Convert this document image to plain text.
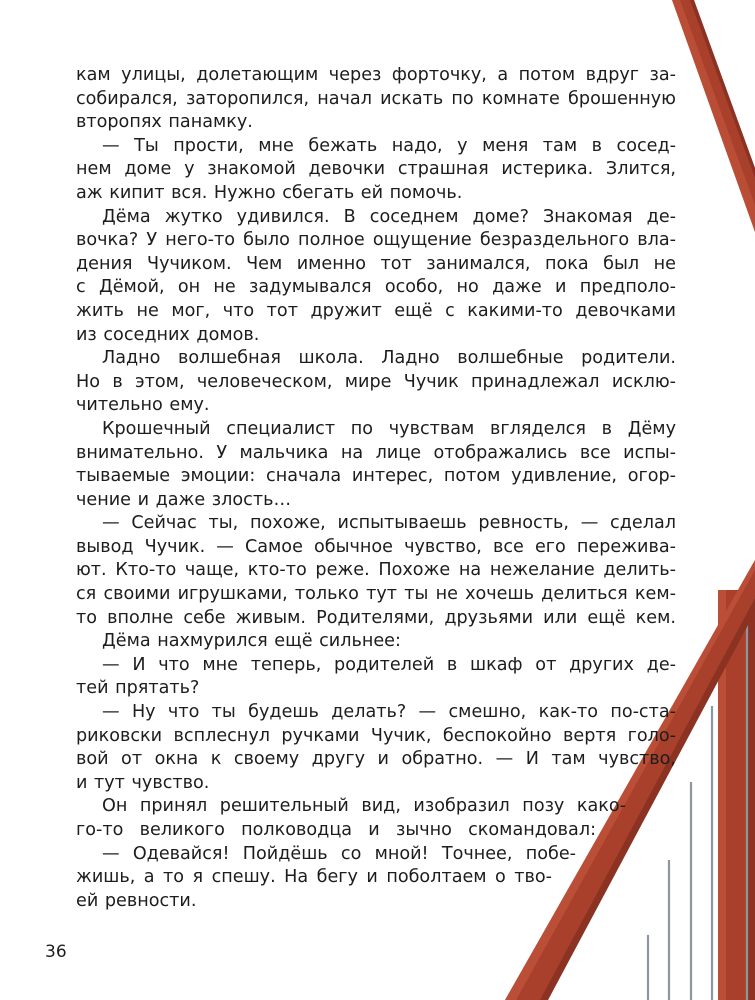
кам улицы, долетающим через форточку, а потом вдруг за-
собирался, заторопился, начал искать по комнате брошенную
второпях панамку.
— Ты прости, мне бежать надо, у меня там в сосед-
нем доме у знакомой девочки страшная истерика. Злится,
аж кипит вся. Нужно сбегать ей помочь.
Дёма жутко удивился. В соседнем доме? Знакомая де-
вочка? У него-то было полное ощущение безраздельного вла-
дения Чучиком. Чем именно тот занимался, пока был не
с Дёмой, он не задумывался особо, но даже и предполо-
жить не мог, что тот дружит ещё с какими-то девочками
из соседних домов.
Ладно волшебная школа. Ладно волшебные родители.
Но в этом, человеческом, мире Чучик принадлежал исклю-
чительно ему.
Крошечный специалист по чувствам вгляделся в Дёму
внимательно. У мальчика на лице отображались все испы-
тываемые эмоции: сначала интерес, потом удивление, огор-
чение и даже злость…
— Сейчас ты, похоже, испытываешь ревность, — сделал
вывод Чучик. — Самое обычное чувство, все его пережива-
ют. Кто-то чаще, кто-то реже. Похоже на нежелание делить-
ся своими игрушками, только тут ты не хочешь делиться кем-
то вполне себе живым. Родителями, друзьями или ещё кем.
Дёма нахмурился ещё сильнее:
— И что мне теперь, родителей в шкаф от других де-
тей прятать?
— Ну что ты будешь делать? — смешно, как-то по-ста-
риковски всплеснул ручками Чучик, беспокойно вертя голо-
вой от окна к своему другу и обратно. — И там чувство,
и тут чувство.
Он принял решительный вид, изобразил позу како-
го-то великого полководца и зычно скомандовал:
— Одевайся! Пойдёшь со мной! Точнее, побе-
жишь, а то я спешу. На бегу и поболтаем о тво-
ей ревности.
36
